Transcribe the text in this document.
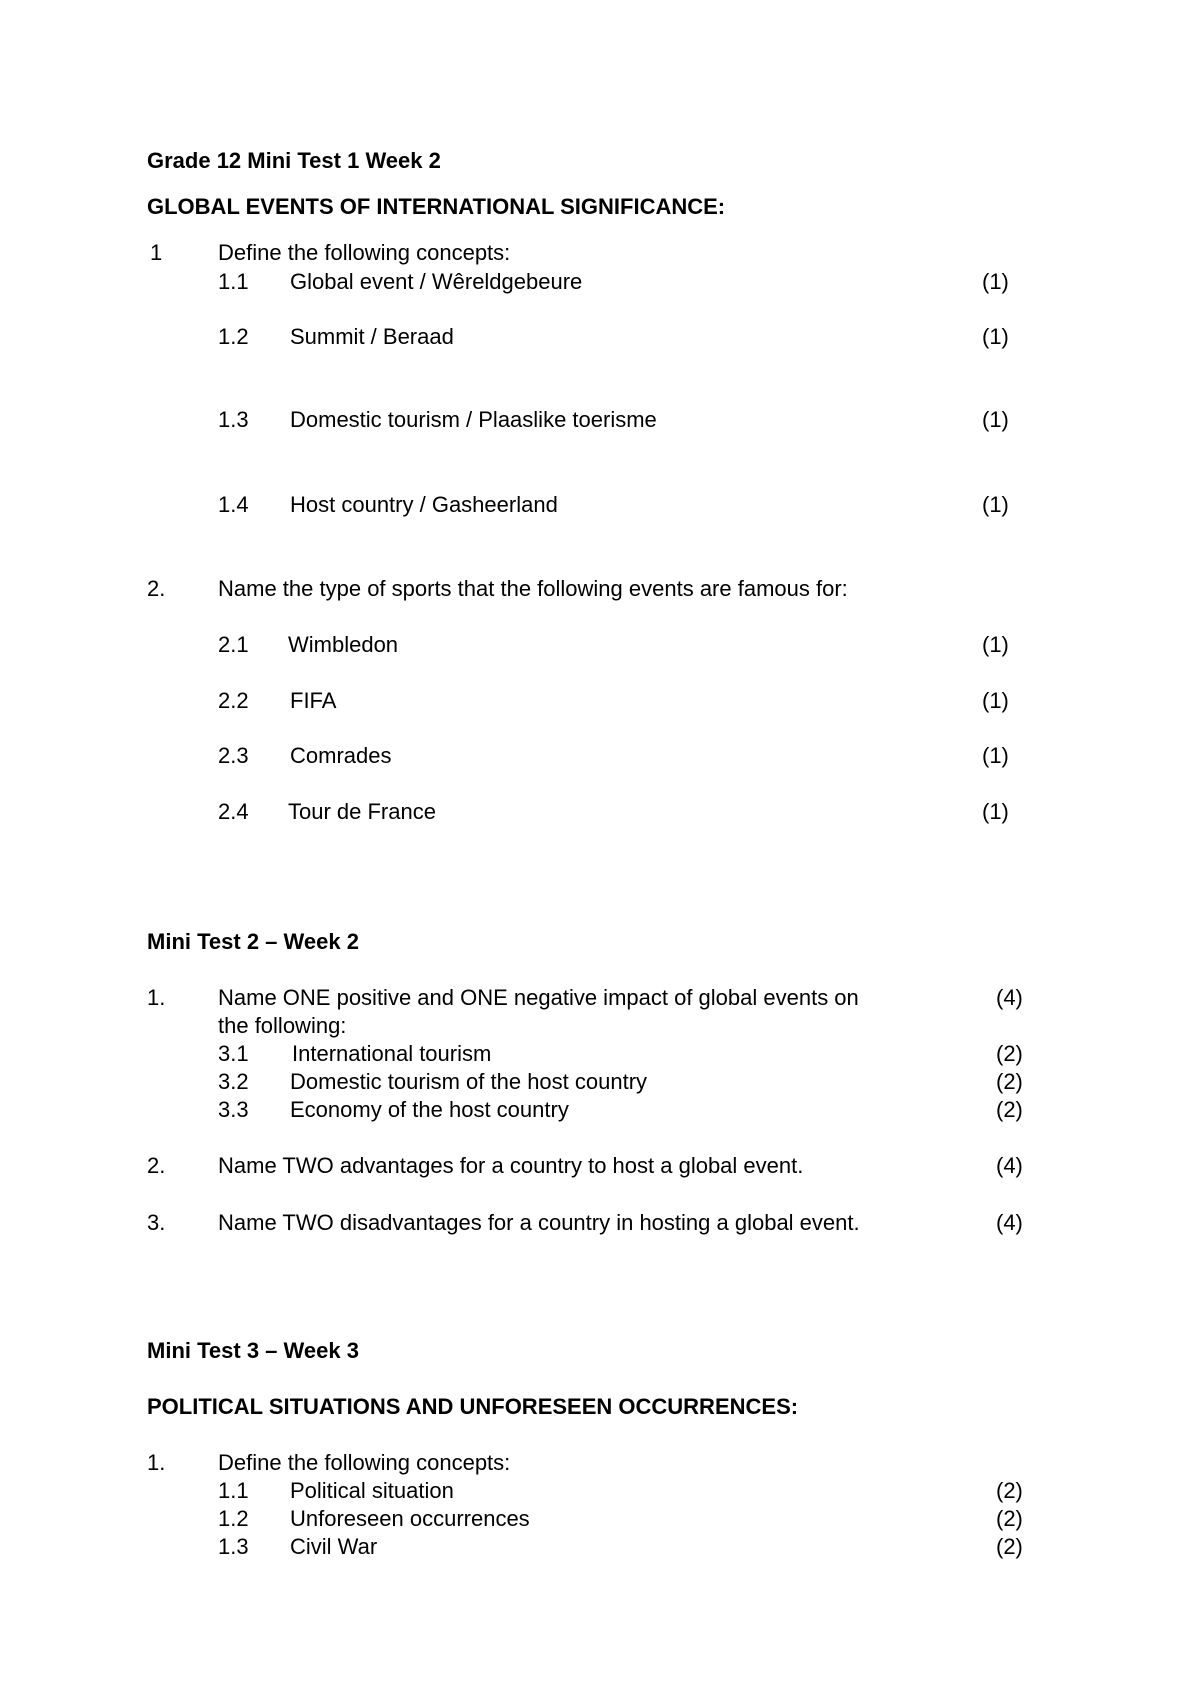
Grade 12 Mini Test 1 Week 2
GLOBAL EVENTS OF INTERNATIONAL SIGNIFICANCE:
1	Define the following concepts:
1.1 Global event / Wêreldgebeure	(1)
1.2 Summit / Beraad	(1)
1.3 Domestic tourism / Plaaslike toerisme	(1)
1.4 Host country / Gasheerland	(1)
2. Name the type of sports that the following events are famous for:
2.1 Wimbledon	(1)
2.2 FIFA	(1)
2.3 Comrades	(1)
2.4 Tour de France	(1)
Mini Test 2 – Week 2
1. Name ONE positive and ONE negative impact of global events on	(4)
the following:
3.1 International tourism	(2)
3.2 Domestic tourism of the host country	(2)
3.3 Economy of the host country	(2)
2. Name TWO advantages for a country to host a global event.	(4)
3. Name TWO disadvantages for a country in hosting a global event.	(4)
Mini Test 3 – Week 3
POLITICAL SITUATIONS AND UNFORESEEN OCCURRENCES:
1. Define the following concepts:
1.1 Political situation	(2)
1.2 Unforeseen occurrences	(2)
1.3 Civil War	(2)
